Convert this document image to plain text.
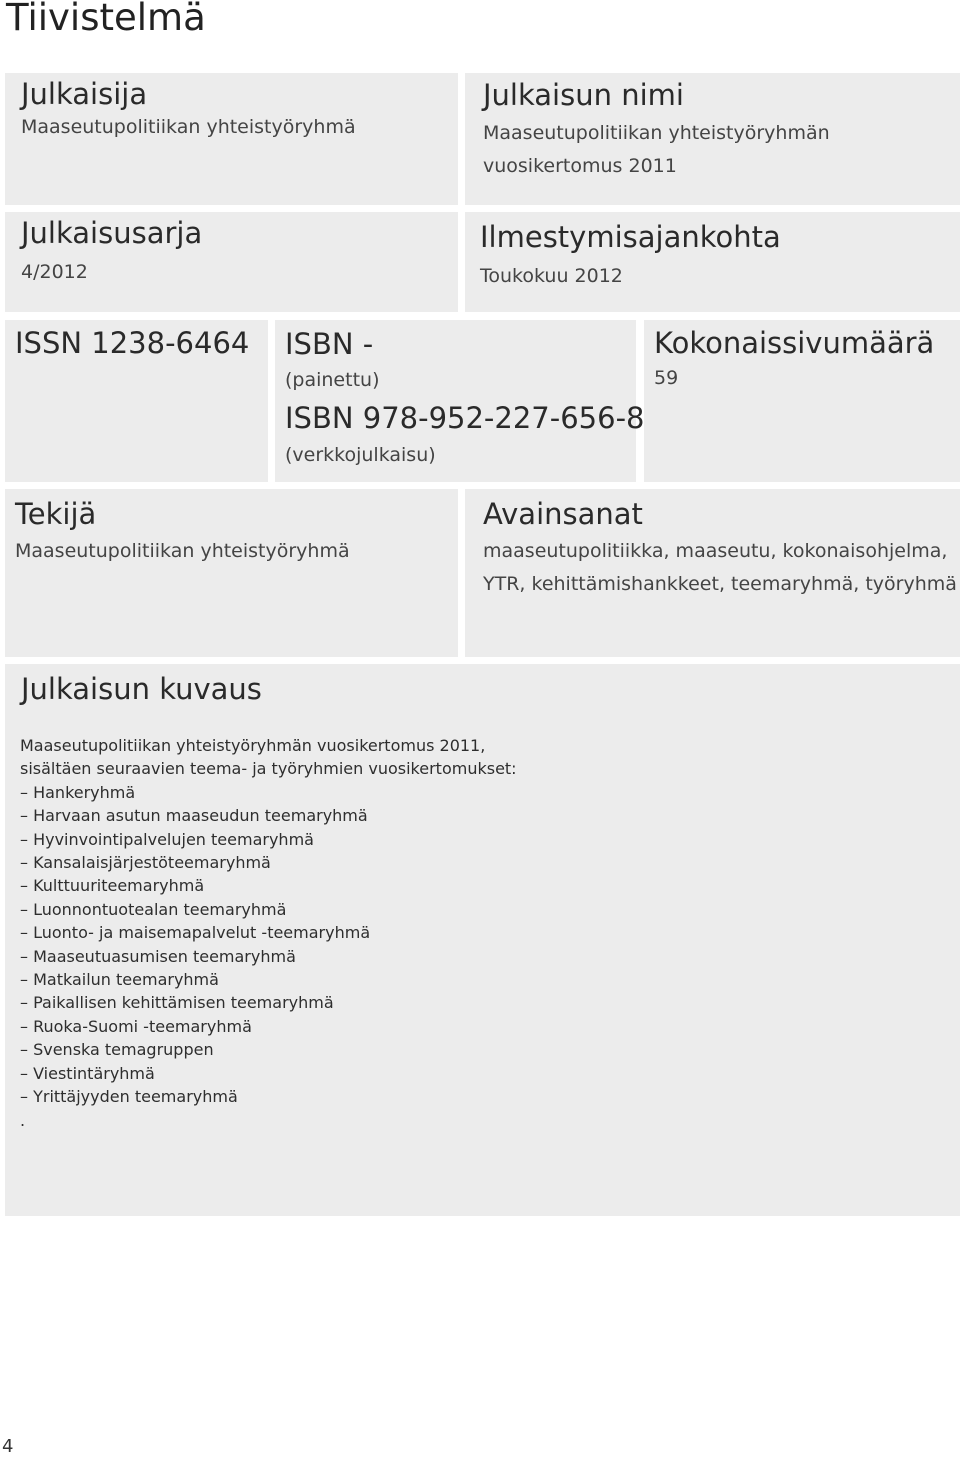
Tiivistelmä
Julkaisija
Maaseutupolitiikan yhteistyöryhmä
Julkaisun nimi
Maaseutupolitiikan yhteistyöryhmän
vuosikertomus 2011
Julkaisusarja
4/2012
Ilmestymisajankohta
Toukokuu 2012
ISSN 1238-6464 ISBN -
(painettu)
ISBN 978-952-227-656-8
(verkkojulkaisu)
Kokonaissivumäärä
59
Tekijä
Maaseutupolitiikan yhteistyöryhmä
Avainsanat
maaseutupolitiikka, maaseutu, kokonaisohjelma,
YTR, kehittämishankkeet, teemaryhmä, työryhmä
Julkaisun kuvaus
Maaseutupolitiikan yhteistyöryhmän vuosikertomus 2011,
sisältäen seuraavien teema- ja työryhmien vuosikertomukset:
– Hankeryhmä
– Harvaan asutun maaseudun teemaryhmä
– Hyvinvointipalvelujen teemaryhmä
– Kansalaisjärjestöteemaryhmä
– Kulttuuriteemaryhmä
– Luonnontuotealan teemaryhmä
– Luonto- ja maisemapalvelut -teemaryhmä
– Maaseutuasumisen teemaryhmä
– Matkailun teemaryhmä
– Paikallisen kehittämisen teemaryhmä
– Ruoka-Suomi -teemaryhmä
– Svenska temagruppen
– Viestintäryhmä
– Yrittäjyyden teemaryhmä
.
4
